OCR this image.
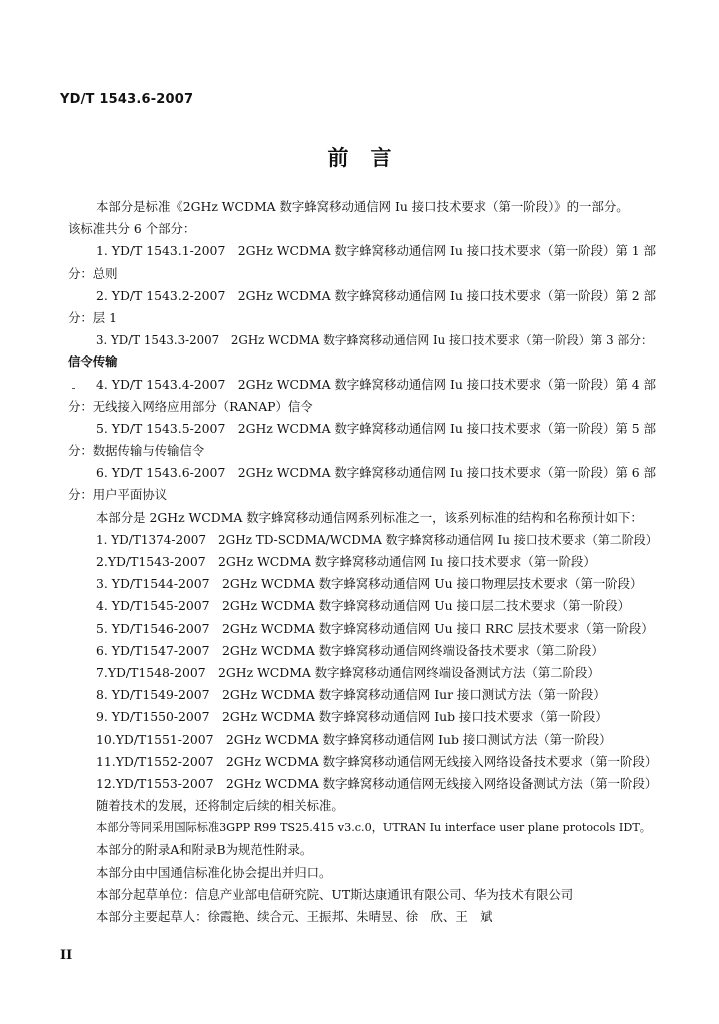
YD/T 1543.6-2007
前言
本部分是标准《2GHz WCDMA 数字蜂窝移动通信网 Iu 接口技术要求（第一阶段）》的一部分。
该标准共分 6 个部分：
1. YD/T 1543.1-2007　2GHz WCDMA 数字蜂窝移动通信网 Iu 接口技术要求（第一阶段）第 1 部
分：总则
2. YD/T 1543.2-2007　2GHz WCDMA 数字蜂窝移动通信网 Iu 接口技术要求（第一阶段）第 2 部
分：层 1
3. YD/T 1543.3-2007　2GHz WCDMA 数字蜂窝移动通信网 Iu 接口技术要求（第一阶段）第 3 部分：
信令传输
4. YD/T 1543.4-2007　2GHz WCDMA 数字蜂窝移动通信网 Iu 接口技术要求（第一阶段）第 4 部
分：无线接入网络应用部分（RANAP）信令
5. YD/T 1543.5-2007　2GHz WCDMA 数字蜂窝移动通信网 Iu 接口技术要求（第一阶段）第 5 部
分：数据传输与传输信令
6. YD/T 1543.6-2007　2GHz WCDMA 数字蜂窝移动通信网 Iu 接口技术要求（第一阶段）第 6 部
分：用户平面协议
本部分是 2GHz WCDMA 数字蜂窝移动通信网系列标准之一，该系列标准的结构和名称预计如下：
1. YD/T1374-2007　2GHz TD-SCDMA/WCDMA 数字蜂窝移动通信网 Iu 接口技术要求（第二阶段）
2.YD/T1543-2007　2GHz WCDMA 数字蜂窝移动通信网 Iu 接口技术要求（第一阶段）
3. YD/T1544-2007　2GHz WCDMA 数字蜂窝移动通信网 Uu 接口物理层技术要求（第一阶段）
4. YD/T1545-2007　2GHz WCDMA 数字蜂窝移动通信网 Uu 接口层二技术要求（第一阶段）
5. YD/T1546-2007　2GHz WCDMA 数字蜂窝移动通信网 Uu 接口 RRC 层技术要求（第一阶段）
6. YD/T1547-2007　2GHz WCDMA 数字蜂窝移动通信网终端设备技术要求（第二阶段）
7.YD/T1548-2007　2GHz WCDMA 数字蜂窝移动通信网终端设备测试方法（第二阶段）
8. YD/T1549-2007　2GHz WCDMA 数字蜂窝移动通信网 Iur 接口测试方法（第一阶段）
9. YD/T1550-2007　2GHz WCDMA 数字蜂窝移动通信网 Iub 接口技术要求（第一阶段）
10.YD/T1551-2007　2GHz WCDMA 数字蜂窝移动通信网 Iub 接口测试方法（第一阶段）
11.YD/T1552-2007　2GHz WCDMA 数字蜂窝移动通信网无线接入网络设备技术要求（第一阶段）
12.YD/T1553-2007　2GHz WCDMA 数字蜂窝移动通信网无线接入网络设备测试方法（第一阶段）
随着技术的发展，还将制定后续的相关标准。
本部分等同采用国际标准3GPP R99 TS25.415 v3.c.0，UTRAN Iu interface user plane protocols IDT。
本部分的附录A和附录B为规范性附录。
本部分由中国通信标准化协会提出并归口。
本部分起草单位：信息产业部电信研究院、UT斯达康通讯有限公司、华为技术有限公司
本部分主要起草人：徐霞艳、续合元、王振邦、朱晴昱、徐　欣、王　斌
II
